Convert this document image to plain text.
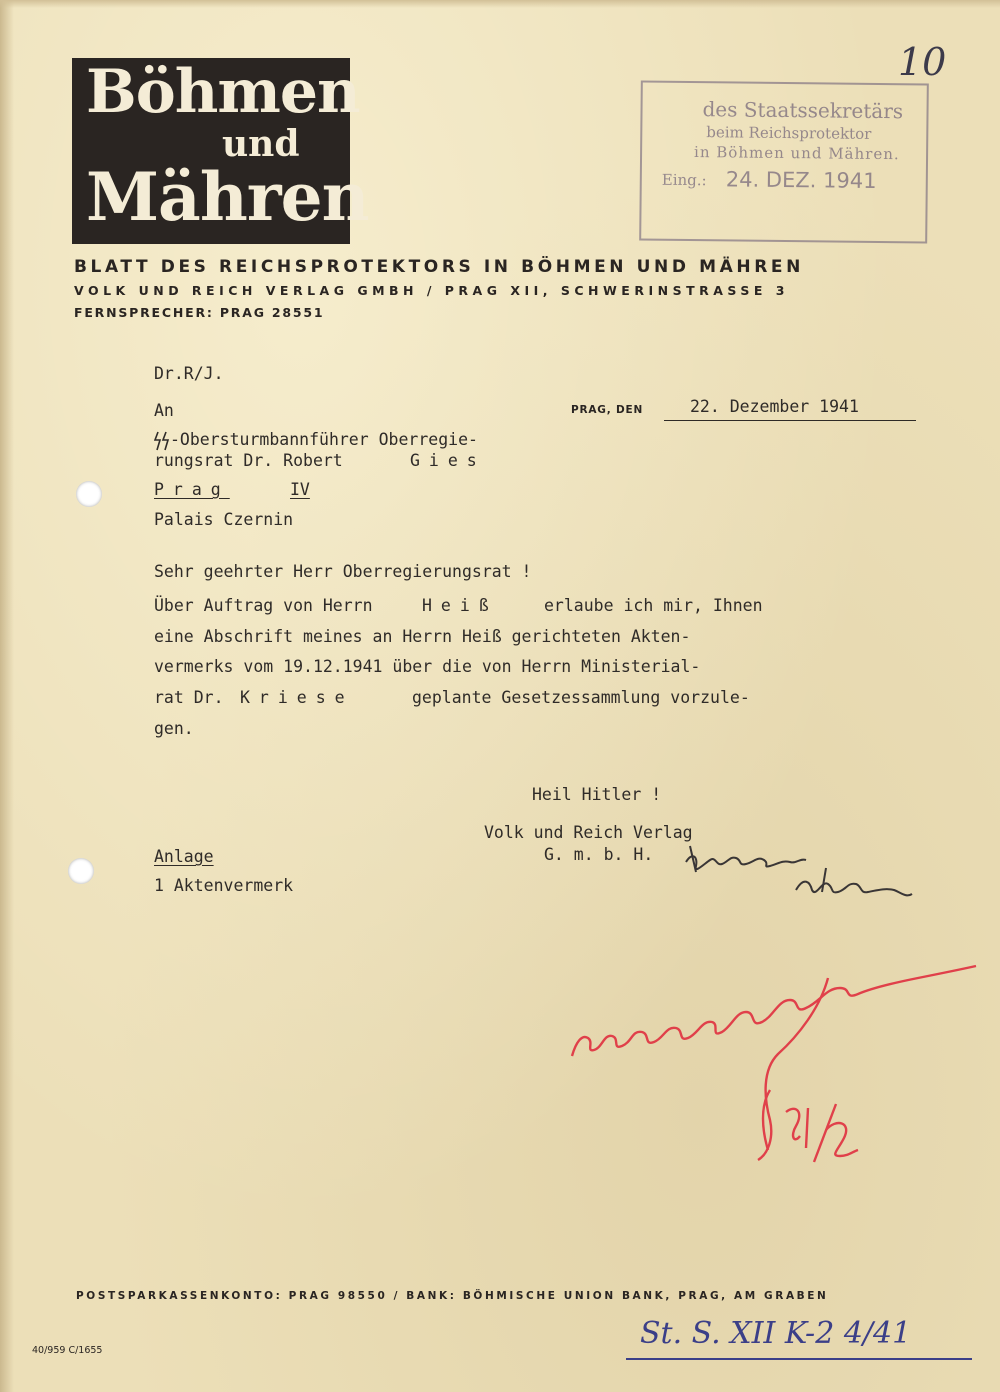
Böhmen
und
Mähren
BLATT DES REICHSPROTEKTORS IN BÖHMEN UND MÄHREN
VOLK UND REICH VERLAG GMBH / PRAG XII, SCHWERINSTRASSE 3
FERNSPRECHER: PRAG 28551
des Staatssekretärs
beim Reichsprotektor
in Böhmen und Mähren.
Eing.: 24. DEZ. 1941
10
Dr.R/J.
An	PRAG, DEN	22. Dezember 1941
-Obersturmbannführer Oberregie-
rungsrat Dr. Robert	Gies
Prag	IV
Palais Czernin
Sehr geehrter Herr Oberregierungsrat !
Über Auftrag von Herrn	Heiß	erlaube ich mir, Ihnen
eine Abschrift meines an Herrn Heiß gerichteten Akten-
vermerks vom 19.12.1941 über die von Herrn Ministerial-
rat Dr. Kriese	geplante Gesetzessammlung vorzule-
gen.
Heil Hitler !
Volk und Reich Verlag
G. m. b. H.
Anlage
1 Aktenvermerk
POSTSPARKASSENKONTO: PRAG 98550 / BANK: BÖHMISCHE UNION BANK, PRAG, AM GRABEN
40/959 C/1655	St. S. XII K-2 4/41
